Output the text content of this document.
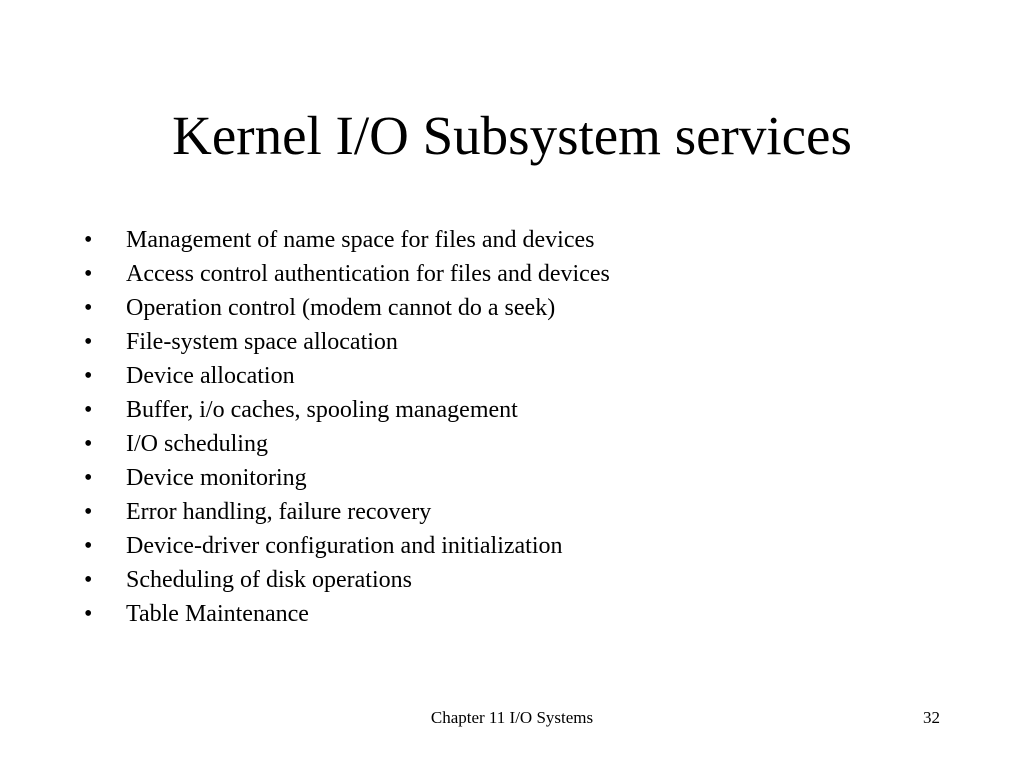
Kernel I/O Subsystem services
•	Management of name space for files and devices
•	Access control authentication for files and devices
•	Operation control (modem cannot do a seek)
•	File-system space allocation
•	Device allocation
•	Buffer, i/o caches, spooling management
•	I/O scheduling
•	Device monitoring
•	Error handling, failure recovery
•	Device-driver configuration and initialization
•	Scheduling of disk operations
•	Table Maintenance
Chapter 11 I/O Systems	32
